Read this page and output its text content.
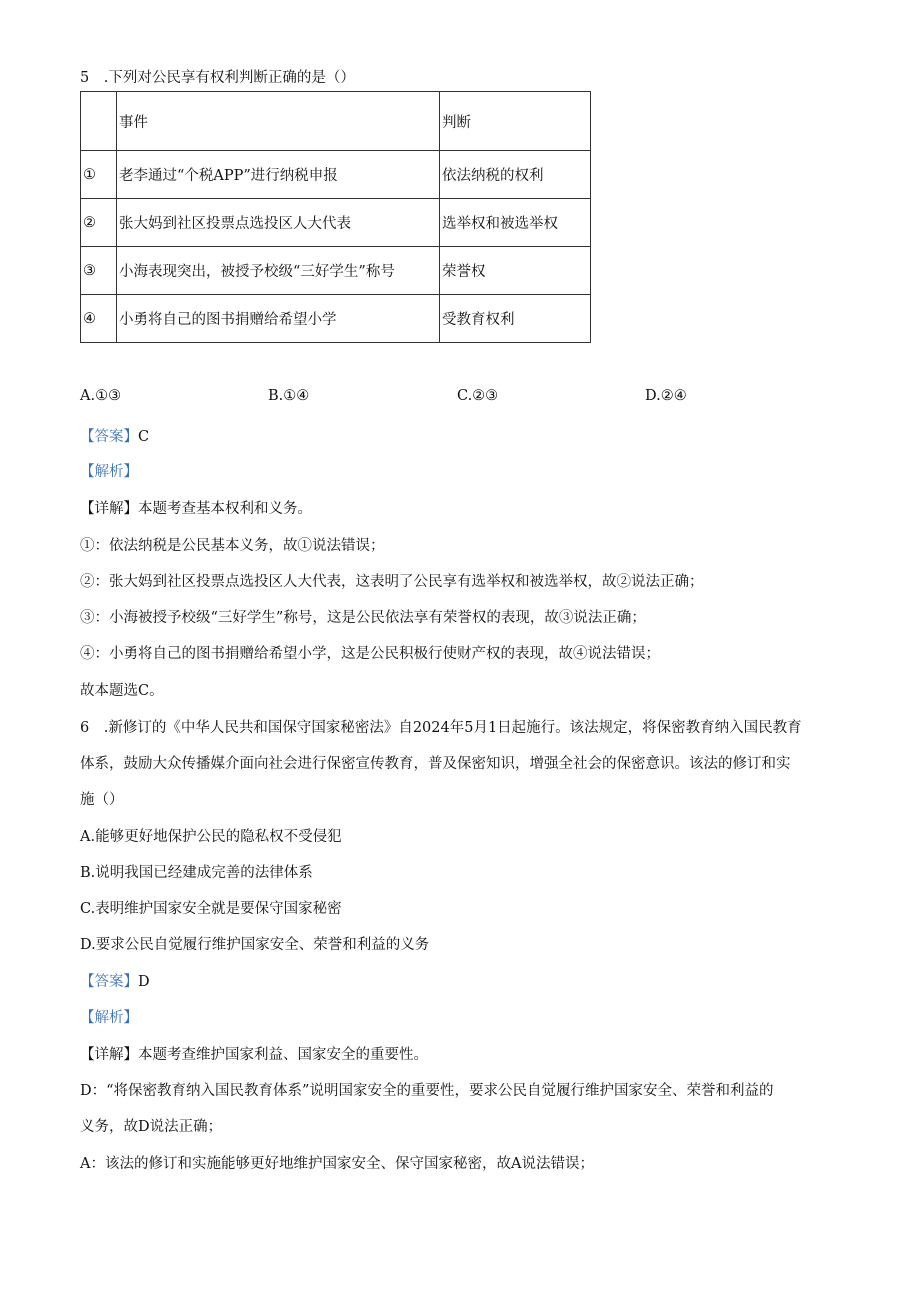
5　.下列对公民享有权利判断正确的是（）
	事件	判断
①	老李通过“个税APP”进行纳税申报	依法纳税的权利
②	张大妈到社区投票点选投区人大代表	选举权和被选举权
③	小海表现突出，被授予校级“三好学生”称号	荣誉权
④	小勇将自己的图书捐赠给希望小学	受教育权利
A.①③	B.①④	C.②③	D.②④
【答案】C
【解析】
【详解】本题考查基本权利和义务。
①：依法纳税是公民基本义务，故①说法错误；
②：张大妈到社区投票点选投区人大代表，这表明了公民享有选举权和被选举权，故②说法正确；
③：小海被授予校级“三好学生”称号，这是公民依法享有荣誉权的表现，故③说法正确；
④：小勇将自己的图书捐赠给希望小学，这是公民积极行使财产权的表现，故④说法错误；
故本题选C。
6　.新修订的《中华人民共和国保守国家秘密法》自2024年5月1日起施行。该法规定，将保密教育纳入国民教育
体系，鼓励大众传播媒介面向社会进行保密宣传教育，普及保密知识，增强全社会的保密意识。该法的修订和实
施（）
A.能够更好地保护公民的隐私权不受侵犯
B.说明我国已经建成完善的法律体系
C.表明维护国家安全就是要保守国家秘密
D.要求公民自觉履行维护国家安全、荣誉和利益的义务
【答案】D
【解析】
【详解】本题考查维护国家利益、国家安全的重要性。
D：“将保密教育纳入国民教育体系”说明国家安全的重要性，要求公民自觉履行维护国家安全、荣誉和利益的
义务，故D说法正确；
A：该法的修订和实施能够更好地维护国家安全、保守国家秘密，故A说法错误；
